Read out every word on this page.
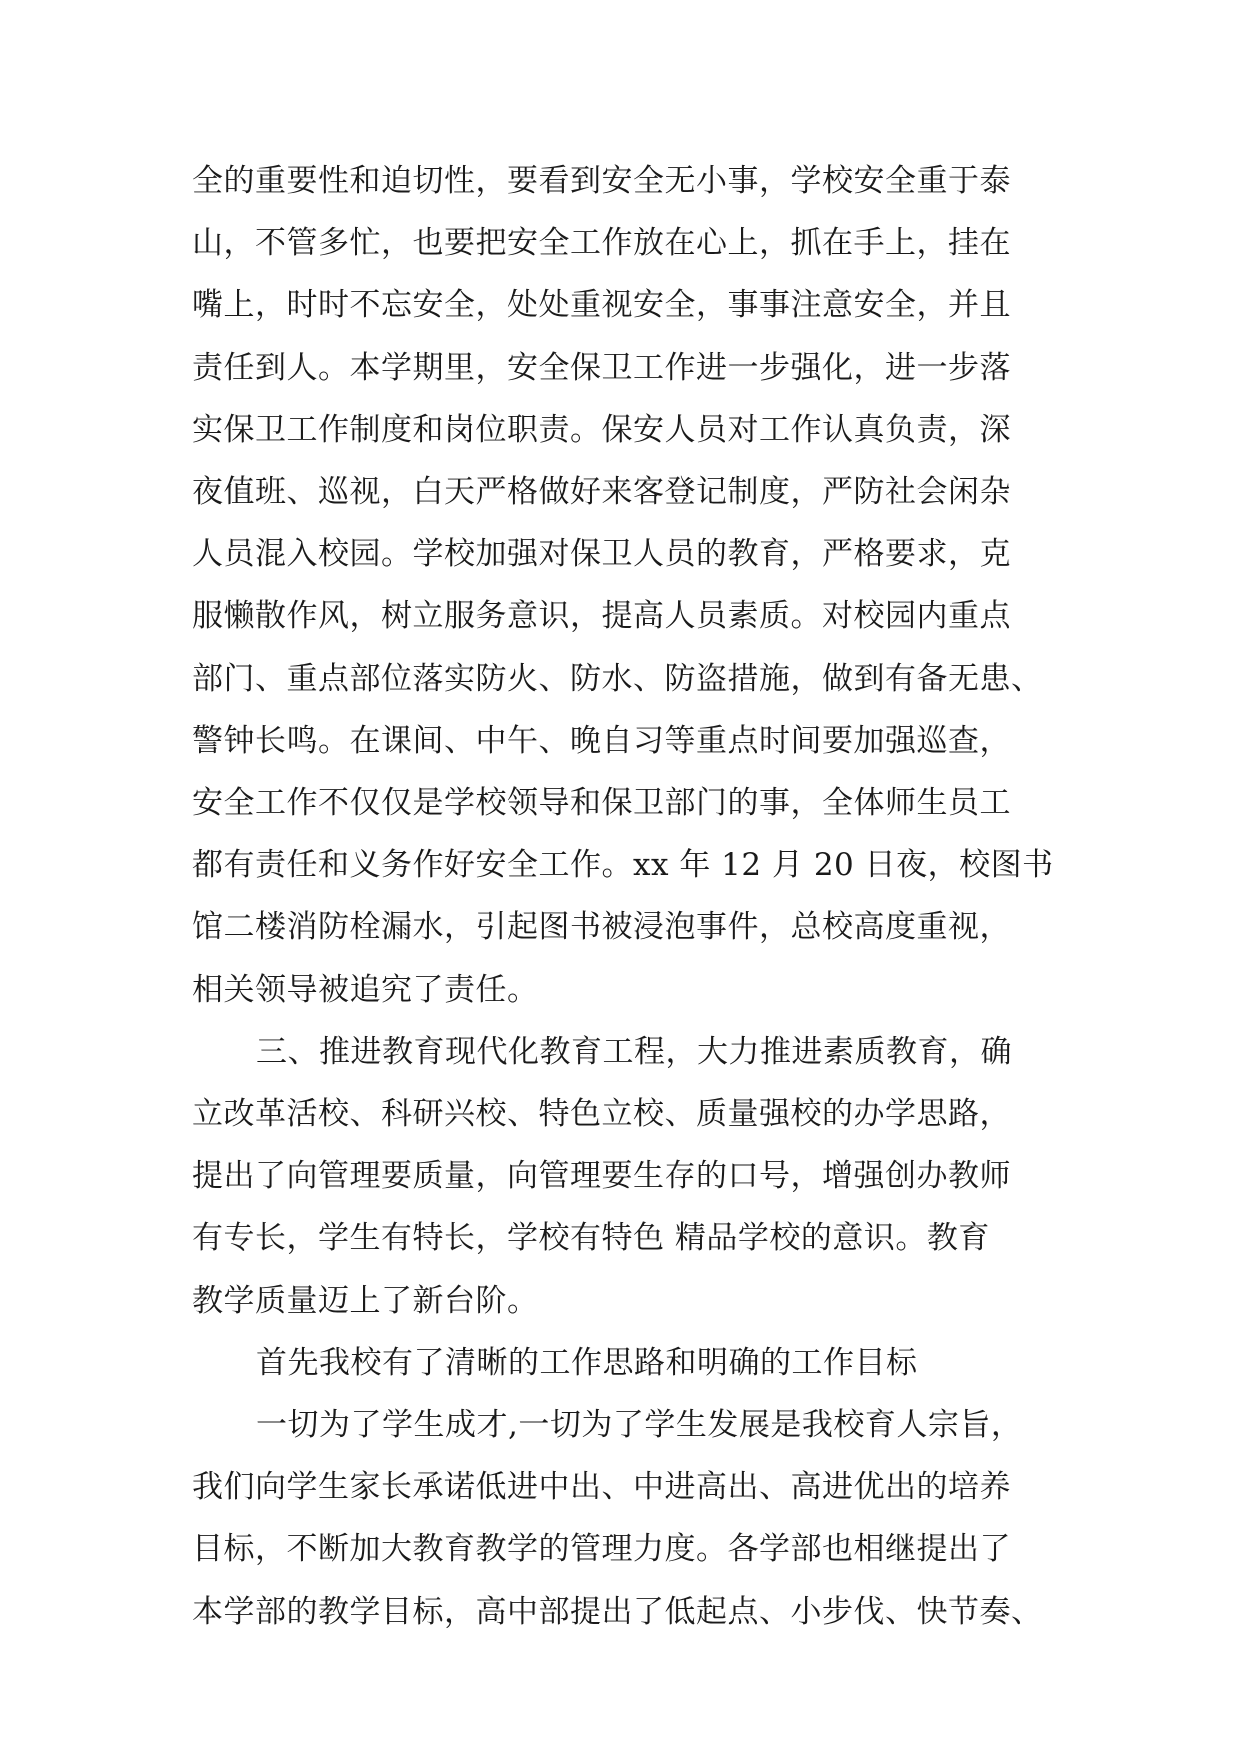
全的重要性和迫切性，要看到安全无小事，学校安全重于泰
山，不管多忙，也要把安全工作放在心上，抓在手上，挂在
嘴上，时时不忘安全，处处重视安全，事事注意安全，并且
责任到人。本学期里，安全保卫工作进一步强化，进一步落
实保卫工作制度和岗位职责。保安人员对工作认真负责，深
夜值班、巡视，白天严格做好来客登记制度，严防社会闲杂
人员混入校园。学校加强对保卫人员的教育，严格要求，克
服懒散作风，树立服务意识，提高人员素质。对校园内重点
部门、重点部位落实防火、防水、防盗措施，做到有备无患、
警钟长鸣。在课间、中午、晚自习等重点时间要加强巡查，
安全工作不仅仅是学校领导和保卫部门的事，全体师生员工
都有责任和义务作好安全工作。xx 年 12 月 20 日夜，校图书
馆二楼消防栓漏水，引起图书被浸泡事件，总校高度重视，
相关领导被追究了责任。

三、推进教育现代化教育工程，大力推进素质教育，确
立改革活校、科研兴校、特色立校、质量强校的办学思路，
提出了向管理要质量，向管理要生存的口号，增强创办教师
有专长，学生有特长，学校有特色 精品学校的意识。教育
教学质量迈上了新台阶。

首先我校有了清晰的工作思路和明确的工作目标

一切为了学生成才,一切为了学生发展是我校育人宗旨，
我们向学生家长承诺低进中出、中进高出、高进优出的培养
目标，不断加大教育教学的管理力度。各学部也相继提出了
本学部的教学目标，高中部提出了低起点、小步伐、快节奏、
